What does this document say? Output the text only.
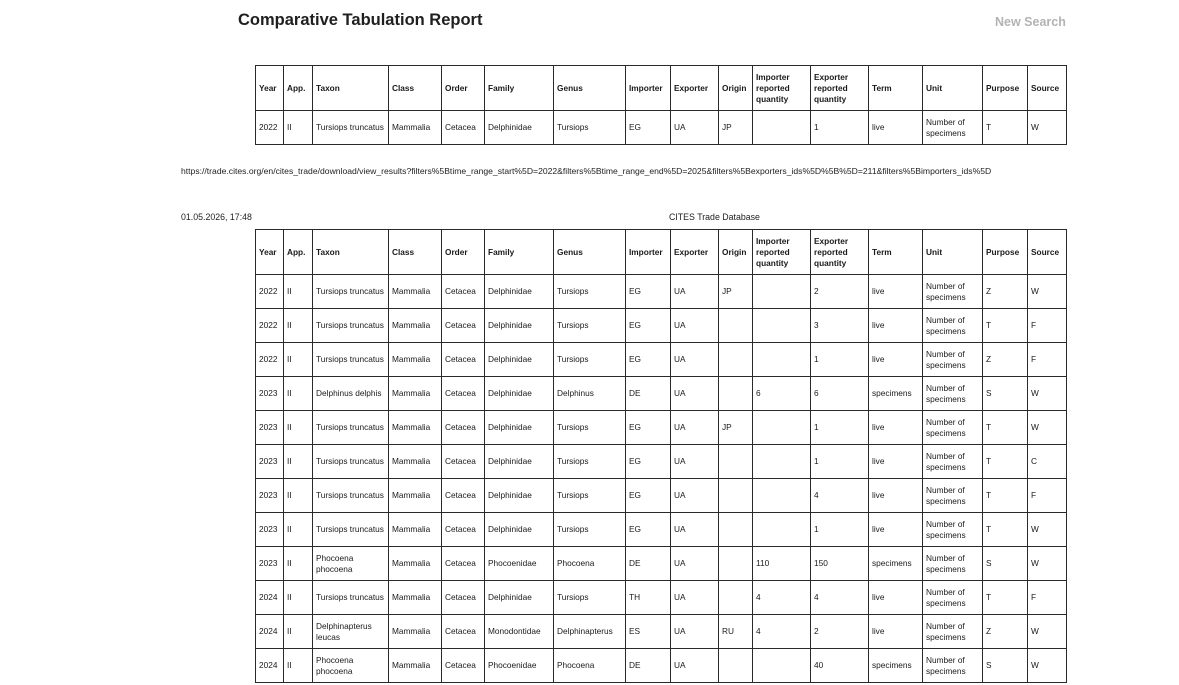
Comparative Tabulation Report	New Search
Year	App.	Taxon	Class	Order	Family	Genus	Importer	Exporter	Origin	Importer reported quantity	Exporter reported quantity	Term	Unit	Purpose	Source
2022	II	Tursiops truncatus	Mammalia	Cetacea	Delphinidae	Tursiops	EG	UA	JP		1	live	Number of specimens	T	W
https://trade.cites.org/en/cites_trade/download/view_results?filters%5Btime_range_start%5D=2022&filters%5Btime_range_end%5D=2025&filters%5Bexporters_ids%5D%5B%5D=211&filters%5Bimporters_ids%5D
01.05.2026, 17:48	CITES Trade Database
Year	App.	Taxon	Class	Order	Family	Genus	Importer	Exporter	Origin	Importer reported quantity	Exporter reported quantity	Term	Unit	Purpose	Source
2022	II	Tursiops truncatus	Mammalia	Cetacea	Delphinidae	Tursiops	EG	UA	JP		2	live	Number of specimens	Z	W
2022	II	Tursiops truncatus	Mammalia	Cetacea	Delphinidae	Tursiops	EG	UA			3	live	Number of specimens	T	F
2022	II	Tursiops truncatus	Mammalia	Cetacea	Delphinidae	Tursiops	EG	UA			1	live	Number of specimens	Z	F
2023	II	Delphinus delphis	Mammalia	Cetacea	Delphinidae	Delphinus	DE	UA		6	6	specimens	Number of specimens	S	W
2023	II	Tursiops truncatus	Mammalia	Cetacea	Delphinidae	Tursiops	EG	UA	JP		1	live	Number of specimens	T	W
2023	II	Tursiops truncatus	Mammalia	Cetacea	Delphinidae	Tursiops	EG	UA			1	live	Number of specimens	T	C
2023	II	Tursiops truncatus	Mammalia	Cetacea	Delphinidae	Tursiops	EG	UA			4	live	Number of specimens	T	F
2023	II	Tursiops truncatus	Mammalia	Cetacea	Delphinidae	Tursiops	EG	UA			1	live	Number of specimens	T	W
2023	II	Phocoena phocoena	Mammalia	Cetacea	Phocoenidae	Phocoena	DE	UA		110	150	specimens	Number of specimens	S	W
2024	II	Tursiops truncatus	Mammalia	Cetacea	Delphinidae	Tursiops	TH	UA		4	4	live	Number of specimens	T	F
2024	II	Delphinapterus leucas	Mammalia	Cetacea	Monodontidae	Delphinapterus	ES	UA	RU	4	2	live	Number of specimens	Z	W
2024	II	Phocoena phocoena	Mammalia	Cetacea	Phocoenidae	Phocoena	DE	UA			40	specimens	Number of specimens	S	W
